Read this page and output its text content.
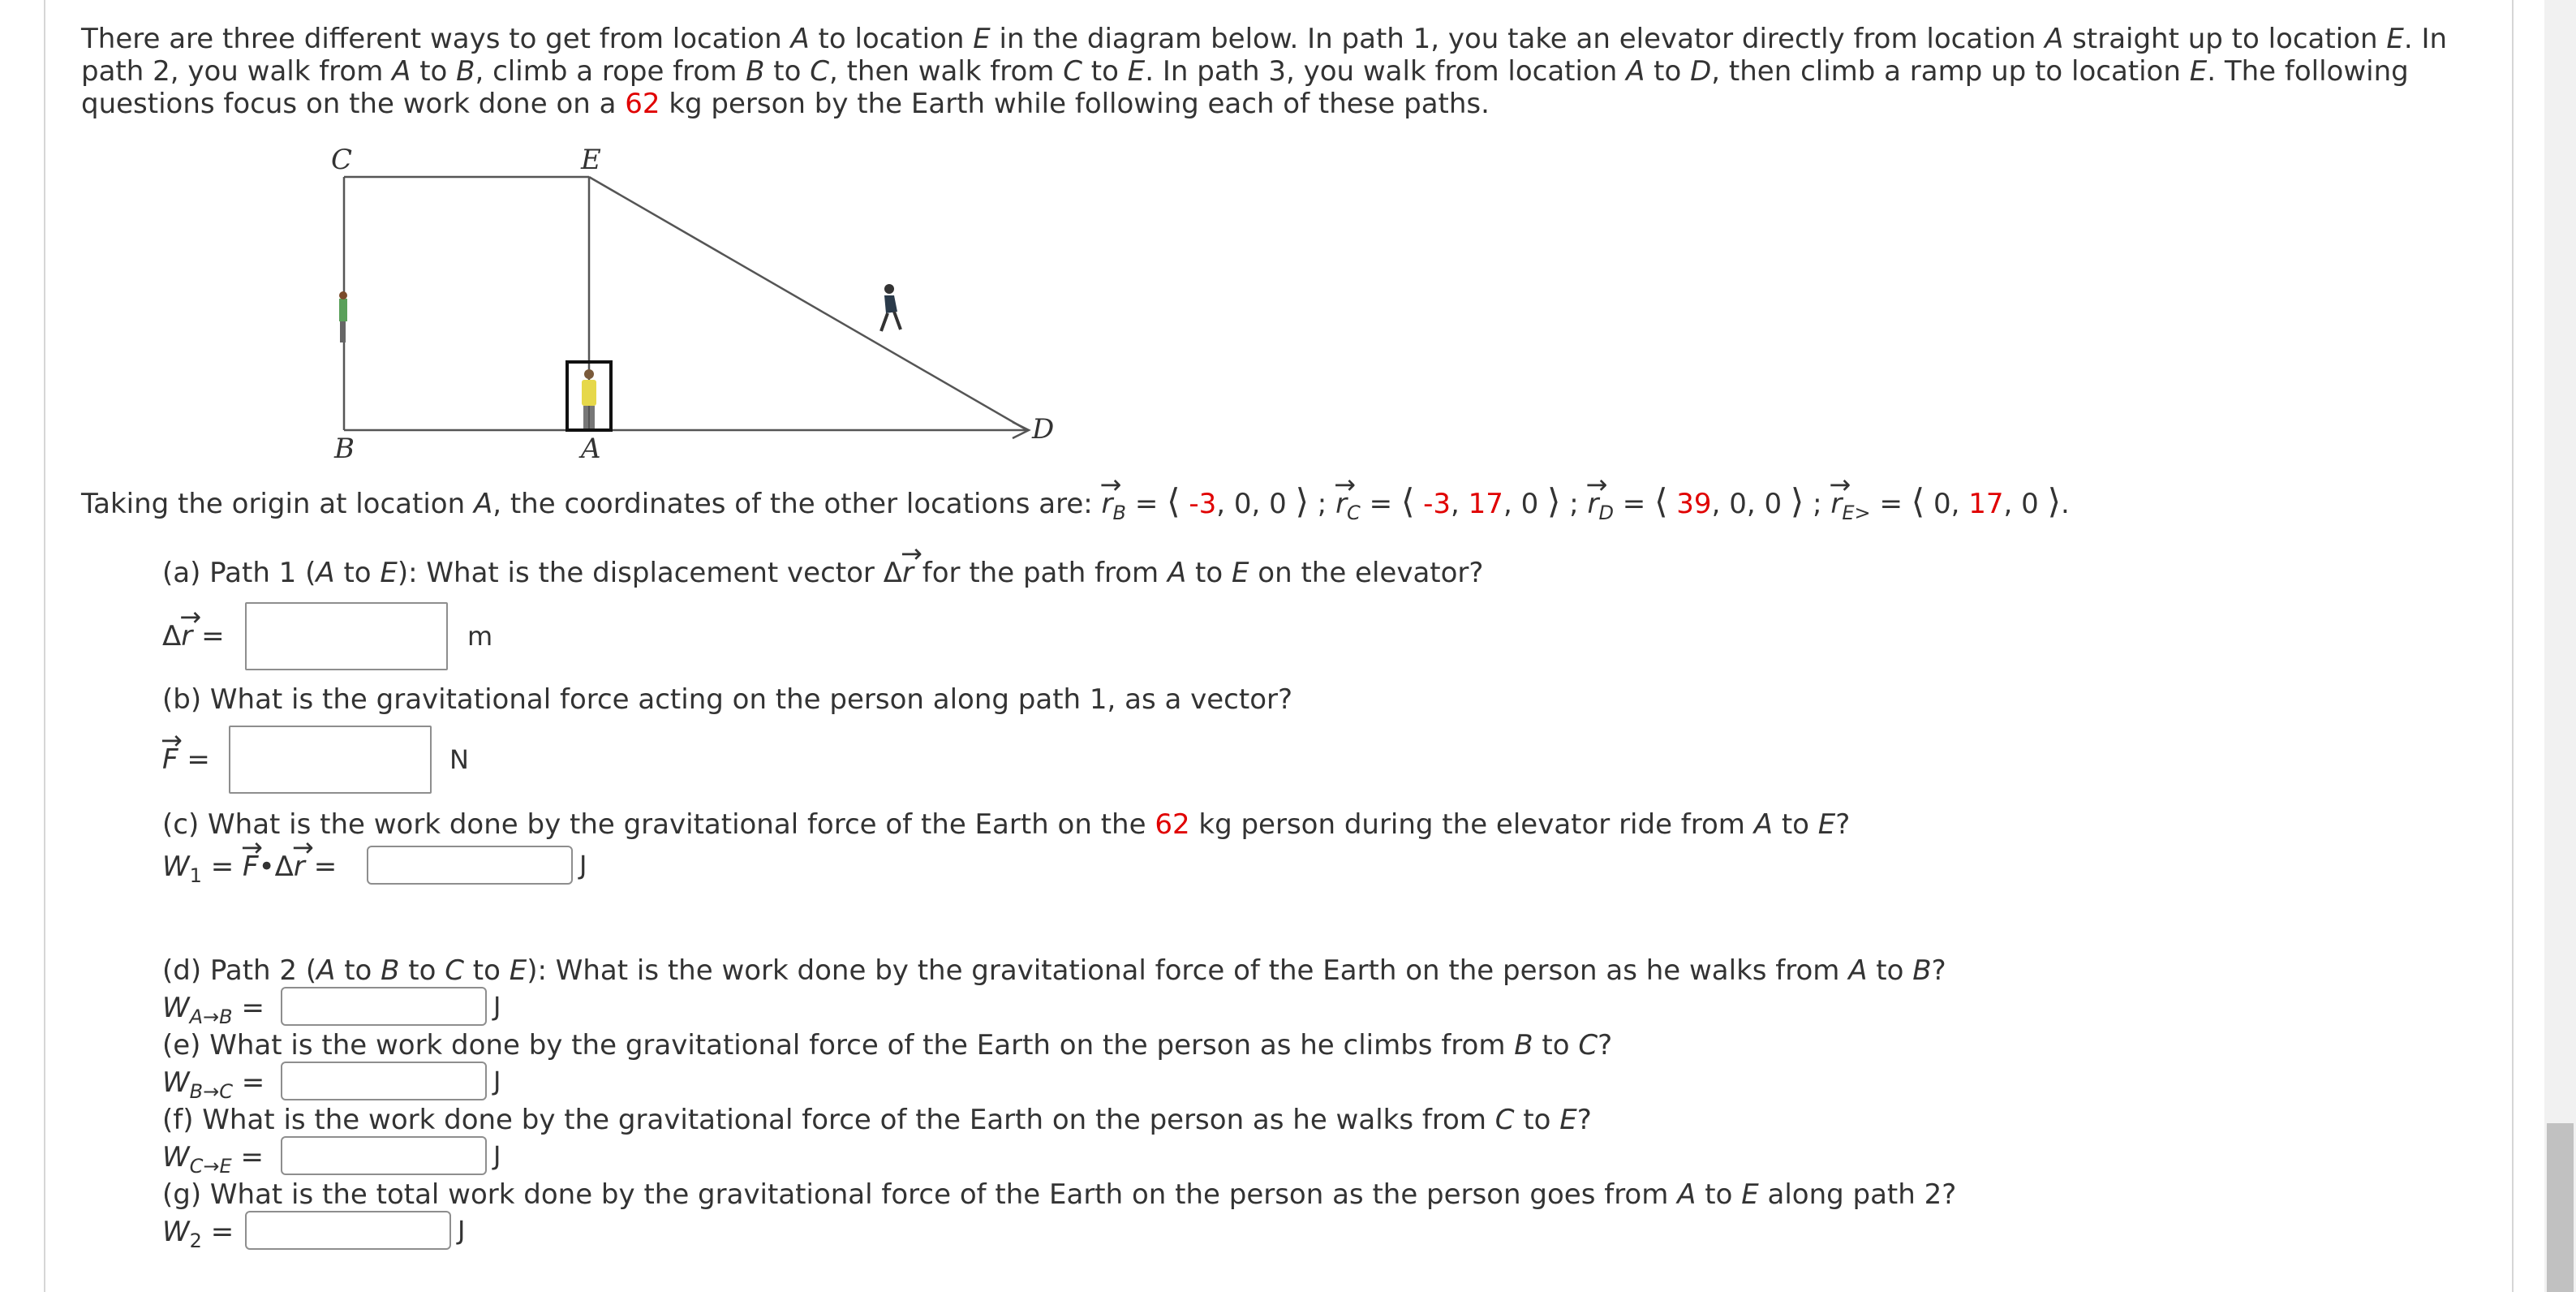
There are three different ways to get from location A to location E in the diagram below. In path 1, you take an elevator directly from location A straight up to location E. In path 2, you walk from A to B, climb a rope from B to C, then walk from C to E. In path 3, you walk from location A to D, then climb a ramp up to location E. The following questions focus on the work done on a 62 kg person by the Earth while following each of these paths.
C	E
B	A
D
Taking the origin at location A, the coordinates of the other locations are: → $r_B$ = ⟨ -3, 0, 0 ⟩ ; → $r_C$ = ⟨ -3, 17, 0 ⟩ ; → $r_D$ = ⟨ 39, 0, 0 ⟩ ; → $r_{E>}$ = ⟨ 0, 17, 0 ⟩.
(a) Path 1 (A to E): What is the displacement vector Δ→ r for the path from A to E on the elevator?
Δ→ r =	m
(b) What is the gravitational force acting on the person along path 1, as a vector?
→ F =	N
(c) What is the work done by the gravitational force of the Earth on the 62 kg person during the elevator ride from A to E?
$W_1$ = → F•Δ→ r =	J
(d) Path 2 (A to B to C to E): What is the work done by the gravitational force of the Earth on the person as he walks from A to B?
$W_{A\to B}$ =	J
(e) What is the work done by the gravitational force of the Earth on the person as he climbs from B to C?
$W_{B\to C}$ =	J
(f) What is the work done by the gravitational force of the Earth on the person as he walks from C to E?
$W_{C\to E}$ =	J
(g) What is the total work done by the gravitational force of the Earth on the person as the person goes from A to E along path 2?
$W_2$ =	J
